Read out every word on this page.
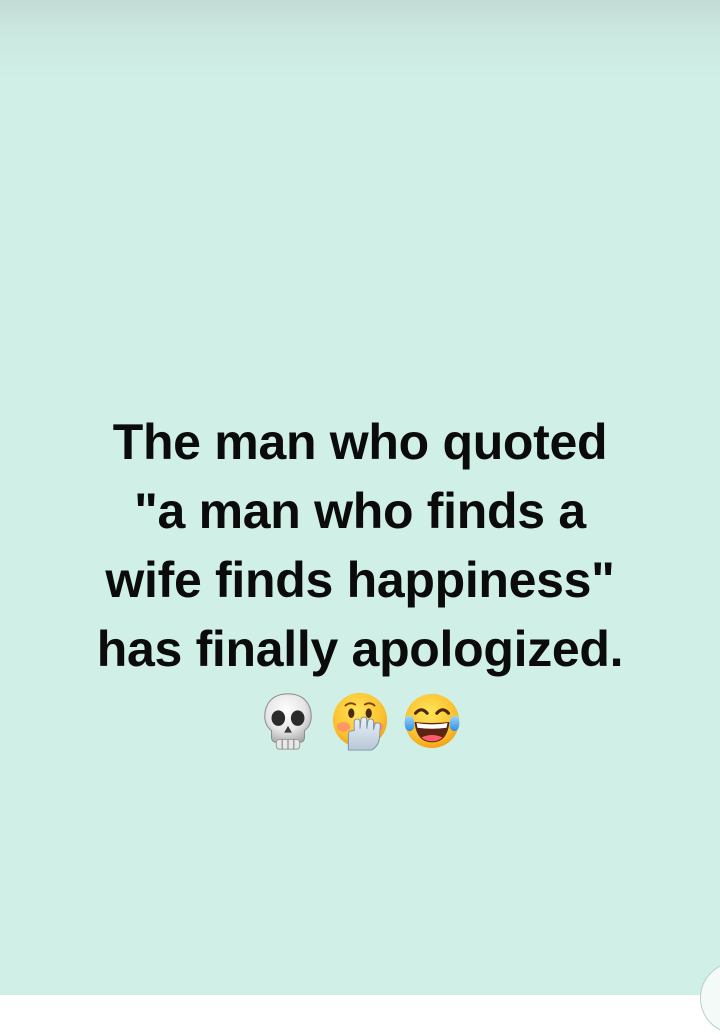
The man who quoted
"a man who finds a
wife finds happiness"
has finally apologized.
